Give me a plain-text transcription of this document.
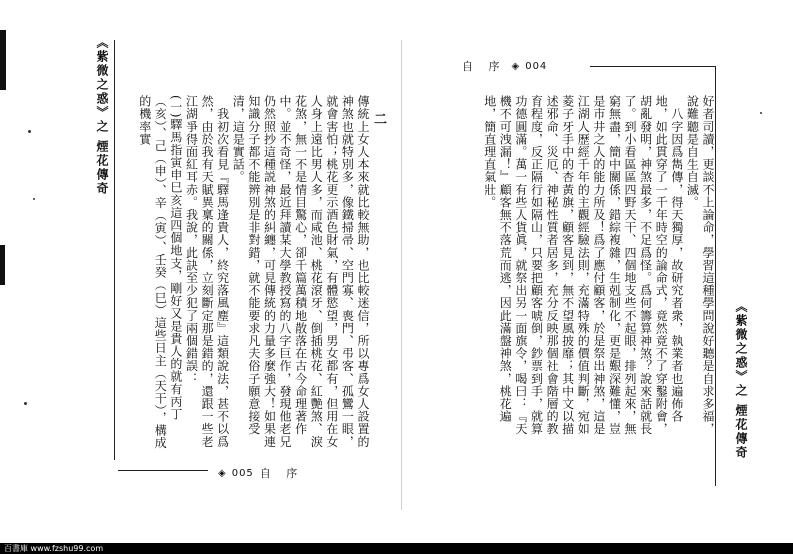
《紫微之惑》之 煙花傳奇
二
傳統上女人本來就比較無助，也比較迷信，所以專爲女人設置的神煞也就特別多，像鐵掃帚、空門寡、喪門、弔客、孤鸞一眼，就會害怕；桃花更示酒色財氣，有體慾望，男女都有，但用在女人身上遠比男人多，而咸池、桃花滾牙、倒插桃花、紅艷煞、淚花煞，無一不是情目驚心，卻千篇萬積地散落在古今命理著作中。並不奇怪，最近拜讀某大學教授寫的八字巨作，發現他老兄仍然照抄這種説神煞的糾纏，可見傳統的力量多麼強大！如果連知識分子都不能辨別是非對錯，就不能要求凡夫俗子願意接受清，這是實話。
　我初次看見『驛馬逢貴人，終究落風塵』這類說法，甚不以爲然，由於我有天賦異稟的關係，立刻斷定那是錯的，還跟一些老江湖爭得面紅耳赤。我說，此訣至少犯了兩個錯誤：
(一)驛馬指寅申巳亥這四個地支，剛好又是貴人的就有丙丁（亥）、己（申）、辛（寅）、壬癸（巳）這些日主（天干），構成的機率實
◈ 005 自 序
自 序 ◈ 004
好者司讀，更談不上論命，學習這種學問說好聽是自求多福，說難聽是自生自滅。
　八字因爲雋傳，得天獨厚，故研究者衆，執業者也遍佈各地，如此貫穿了一千年時空的論命式，竟然竟不了穿鑿附會，胡亂發明，神煞最多，不足爲怪。爲何籌算神煞？說來話就長了。到小看區區四野天干、四個地支些不起眼，排列起來，無窮無盡，簡中關係，錯綜複雜，生剋制化，更是艱深難懂，豈是市井之人的能力所及！爲了應付顧客，於是祭出神煞，這是江湖人歷經千年的主觀經驗法則，充滿特殊的價值判斷，宛如菱子牙手中的杏黃旗，顧客見到，無不望風披靡；其中文以描述邪命、災厄、神秘性質者居多，充分反映那個社會階層的教育程度，反正隔行如隔山，只要把顧客唬倒，鈔票到手，就算功德圓滿。萬一有些人貨眞，就祭出另一面旗令，喝曰：『天機不可洩漏！』顧客無不落荒而逃，因此滿盤神煞，桃花遍地，簡直理直氣壯。
《紫微之惑》之 煙花傳奇
百書庫 www.fzshu99.com
